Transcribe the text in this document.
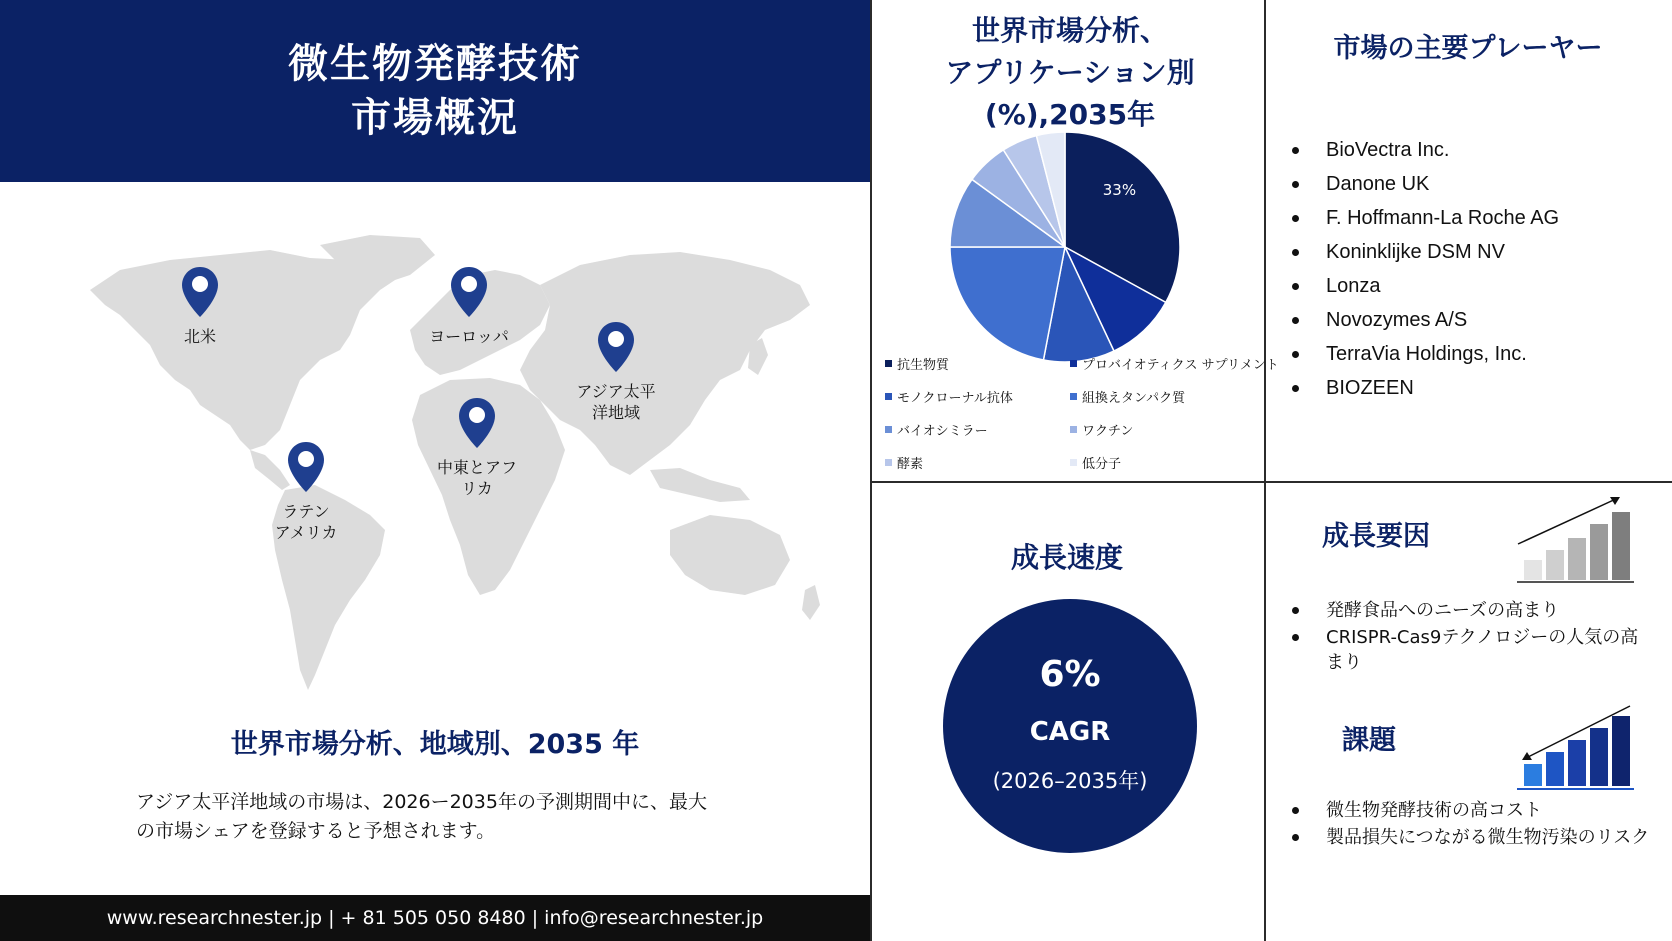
微生物発酵技術
市場概況
北米	ヨーロッパ
アジア太平
洋地域
中東とアフ
リカ
ラテン
アメリカ
世界市場分析、地域別、2035 年
アジア太平洋地域の市場は、2026ー2035年の予測期間中に、最大
の市場シェアを登録すると予想されます。
www.researchnester.jp | + 81 505 050 8480 | info@researchnester.jp
世界市場分析、
アプリケーション別
(%),2035年
33%
抗生物質	プロバイオティクス サプリメント
モノクローナル抗体	組換えタンパク質
バイオシミラー	ワクチン
酵素	低分子
市場の主要プレーヤー
BioVectra Inc.
Danone UK
F. Hoffmann-La Roche AG
Koninklijke DSM NV
Lonza
Novozymes A/S
TerraVia Holdings, Inc.
BIOZEEN
成長速度
6%
CAGR
(2026–2035年)
成長要因
発酵食品へのニーズの高まり
CRISPR-Cas9テクノロジーの人気の高まり
課題
微生物発酵技術の高コスト
製品損失につながる微生物汚染のリスク
